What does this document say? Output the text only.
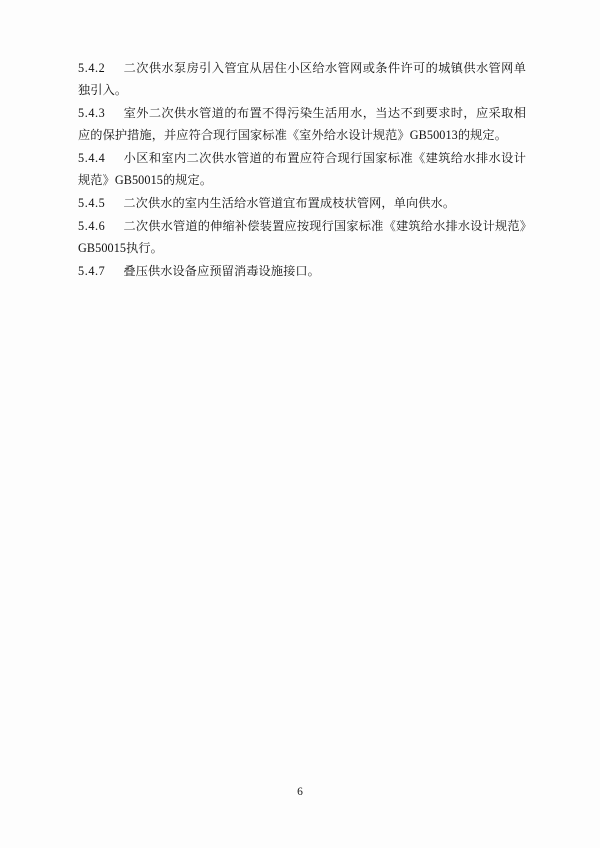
5.4.2 二次供水泵房引入管宜从居住小区给水管网或条件许可的城镇供水管网单独引入。

5.4.3 室外二次供水管道的布置不得污染生活用水，当达不到要求时，应采取相应的保护措施，并应符合现行国家标准《室外给水设计规范》GB50013的规定。

5.4.4 小区和室内二次供水管道的布置应符合现行国家标准《建筑给水排水设计规范》GB50015的规定。

5.4.5 二次供水的室内生活给水管道宜布置成枝状管网，单向供水。

5.4.6 二次供水管道的伸缩补偿装置应按现行国家标准《建筑给水排水设计规范》GB50015执行。

5.4.7 叠压供水设备应预留消毒设施接口。

6
